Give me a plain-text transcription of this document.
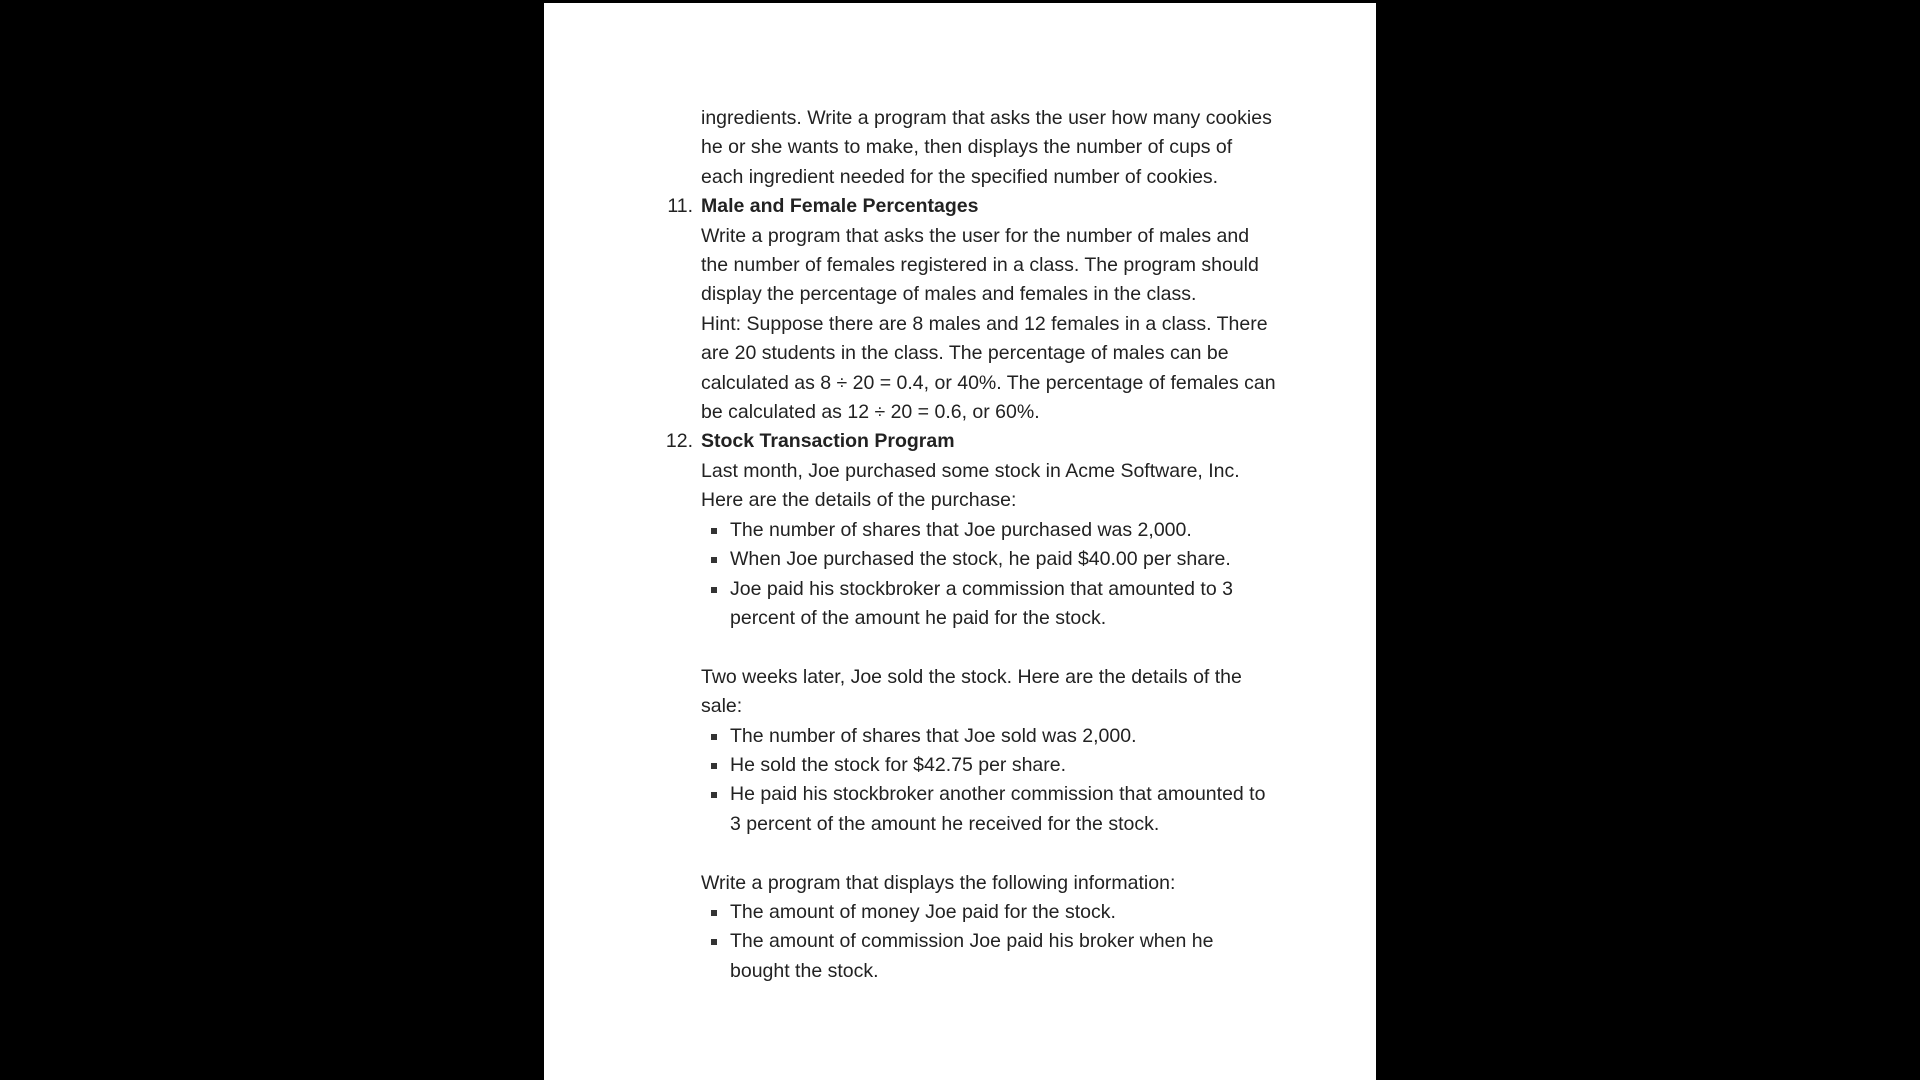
ingredients. Write a program that asks the user how many cookies
he or she wants to make, then displays the number of cups of
each ingredient needed for the specified number of cookies.
11. Male and Female Percentages
Write a program that asks the user for the number of males and
the number of females registered in a class. The program should
display the percentage of males and females in the class.
Hint: Suppose there are 8 males and 12 females in a class. There
are 20 students in the class. The percentage of males can be
calculated as 8 ÷ 20 = 0.4, or 40%. The percentage of females can
be calculated as 12 ÷ 20 = 0.6, or 60%.
12. Stock Transaction Program
Last month, Joe purchased some stock in Acme Software, Inc.
Here are the details of the purchase:
The number of shares that Joe purchased was 2,000.
When Joe purchased the stock, he paid $40.00 per share.
Joe paid his stockbroker a commission that amounted to 3
percent of the amount he paid for the stock.
Two weeks later, Joe sold the stock. Here are the details of the
sale:
The number of shares that Joe sold was 2,000.
He sold the stock for $42.75 per share.
He paid his stockbroker another commission that amounted to
3 percent of the amount he received for the stock.
Write a program that displays the following information:
The amount of money Joe paid for the stock.
The amount of commission Joe paid his broker when he
bought the stock.
